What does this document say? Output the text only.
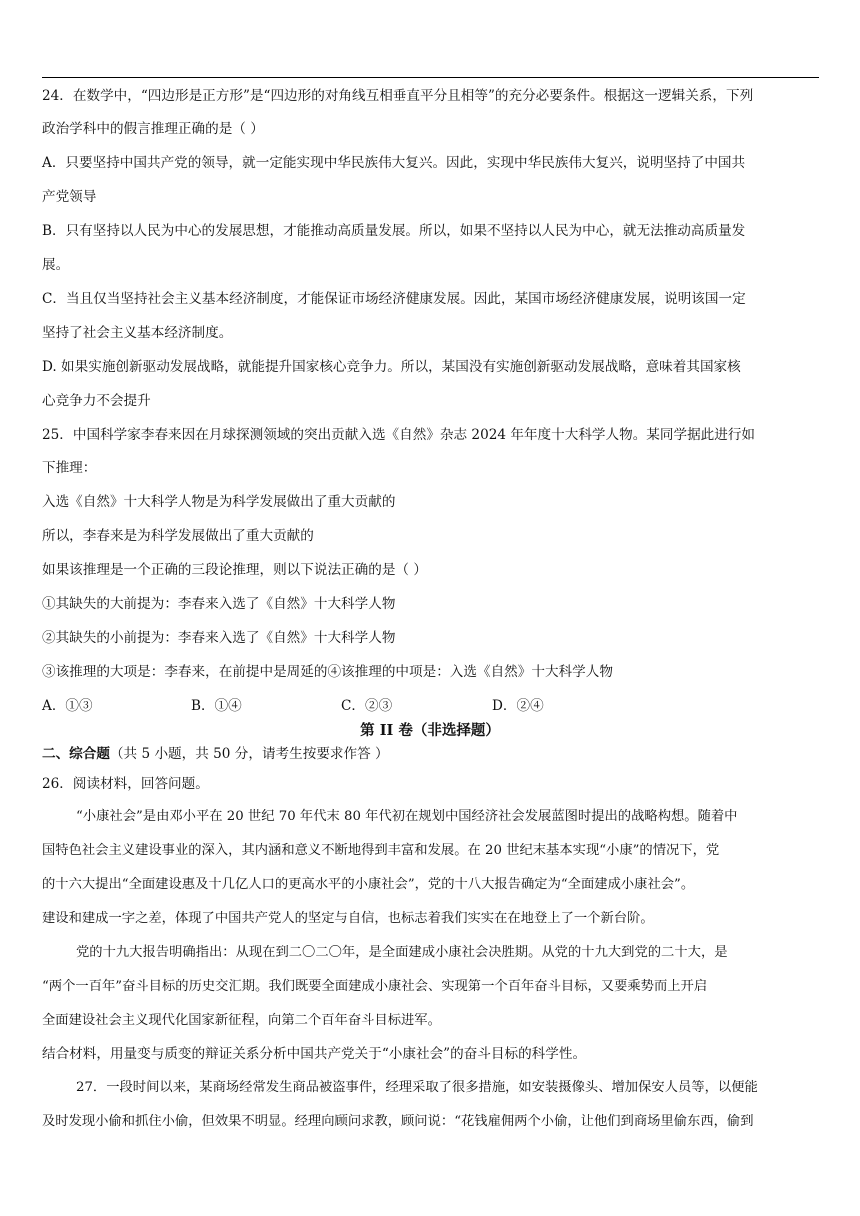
24．在数学中，“四边形是正方形”是“四边形的对角线互相垂直平分且相等”的充分必要条件。根据这一逻辑关系，下列
政治学科中的假言推理正确的是（ ）
A．只要坚持中国共产党的领导，就一定能实现中华民族伟大复兴。因此，实现中华民族伟大复兴，说明坚持了中国共
产党领导
B．只有坚持以人民为中心的发展思想，才能推动高质量发展。所以，如果不坚持以人民为中心，就无法推动高质量发
展。
C．当且仅当坚持社会主义基本经济制度，才能保证市场经济健康发展。因此，某国市场经济健康发展，说明该国一定
坚持了社会主义基本经济制度。
D. 如果实施创新驱动发展战略，就能提升国家核心竞争力。所以，某国没有实施创新驱动发展战略，意味着其国家核
心竞争力不会提升
25．中国科学家李春来因在月球探测领域的突出贡献入选《自然》杂志 2024 年年度十大科学人物。某同学据此进行如
下推理：
入选《自然》十大科学人物是为科学发展做出了重大贡献的
所以，李春来是为科学发展做出了重大贡献的
如果该推理是一个正确的三段论推理，则以下说法正确的是（ ）
①其缺失的大前提为：李春来入选了《自然》十大科学人物
②其缺失的小前提为：李春来入选了《自然》十大科学人物
③该推理的大项是：李春来，在前提中是周延的④该推理的中项是：入选《自然》十大科学人物
A．①③	B．①④	C．②③	D．②④
第 II 卷（非选择题）
二、综合题（共 5 小题，共 50 分，请考生按要求作答 ）
26．阅读材料，回答问题。
“小康社会”是由邓小平在 20 世纪 70 年代末 80 年代初在规划中国经济社会发展蓝图时提出的战略构想。随着中
国特色社会主义建设事业的深入，其内涵和意义不断地得到丰富和发展。在 20 世纪末基本实现“小康”的情况下，党
的十六大提出“全面建设惠及十几亿人口的更高水平的小康社会”，党的十八大报告确定为“全面建成小康社会”。
建设和建成一字之差，体现了中国共产党人的坚定与自信，也标志着我们实实在在地登上了一个新台阶。
党的十九大报告明确指出：从现在到二〇二〇年，是全面建成小康社会决胜期。从党的十九大到党的二十大，是
“两个一百年”奋斗目标的历史交汇期。我们既要全面建成小康社会、实现第一个百年奋斗目标，又要乘势而上开启
全面建设社会主义现代化国家新征程，向第二个百年奋斗目标进军。
结合材料，用量变与质变的辩证关系分析中国共产党关于“小康社会”的奋斗目标的科学性。
27．一段时间以来，某商场经常发生商品被盗事件，经理采取了很多措施，如安装摄像头、增加保安人员等，以便能
及时发现小偷和抓住小偷，但效果不明显。经理向顾问求教，顾问说：“花钱雇佣两个小偷，让他们到商场里偷东西，偷到
